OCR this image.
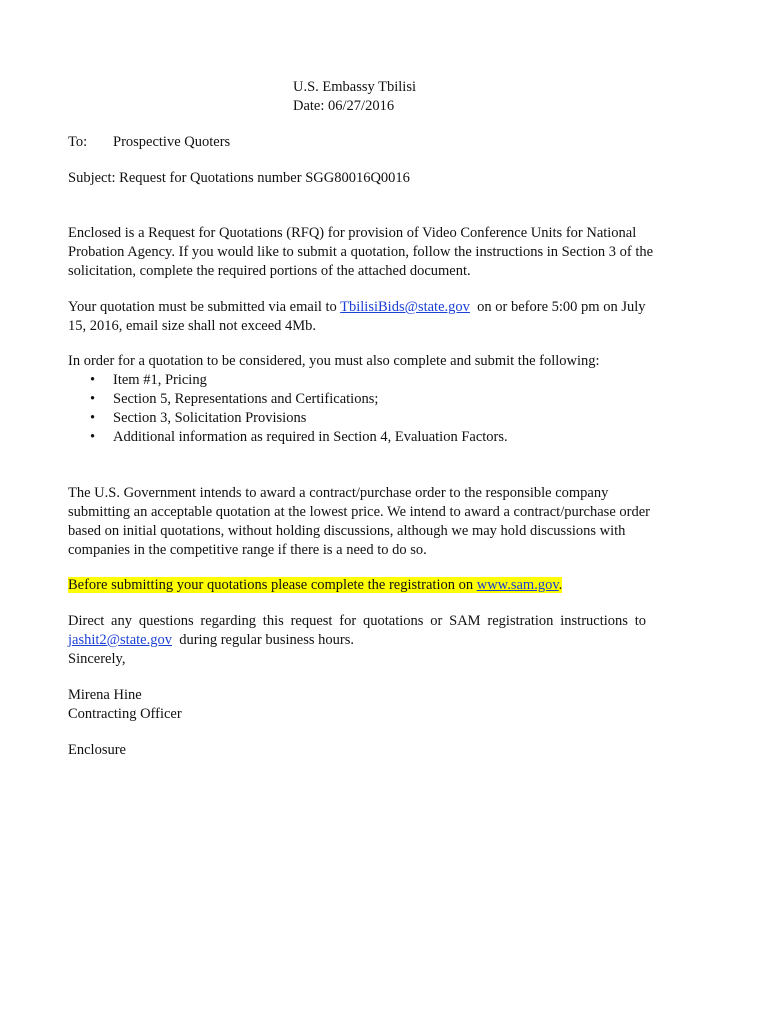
U.S. Embassy Tbilisi
Date: 06/27/2016
To: Prospective Quoters
Subject: Request for Quotations number SGG80016Q0016
Enclosed is a Request for Quotations (RFQ) for provision of Video Conference Units for National
Probation Agency. If you would like to submit a quotation, follow the instructions in Section 3 of the
solicitation, complete the required portions of the attached document.
Your quotation must be submitted via email to TbilisiBids@state.gov  on or before 5:00 pm on July
15, 2016, email size shall not exceed 4Mb.
In order for a quotation to be considered, you must also complete and submit the following:
• Item #1, Pricing
• Section 5, Representations and Certifications;
• Section 3, Solicitation Provisions
• Additional information as required in Section 4, Evaluation Factors.
The U.S. Government intends to award a contract/purchase order to the responsible company
submitting an acceptable quotation at the lowest price. We intend to award a contract/purchase order
based on initial quotations, without holding discussions, although we may hold discussions with
companies in the competitive range if there is a need to do so.
Before submitting your quotations please complete the registration on www.sam.gov.
Direct any questions regarding this request for quotations or SAM registration instructions to
jashit2@state.gov  during regular business hours.
Sincerely,
Mirena Hine
Contracting Officer
Enclosure
